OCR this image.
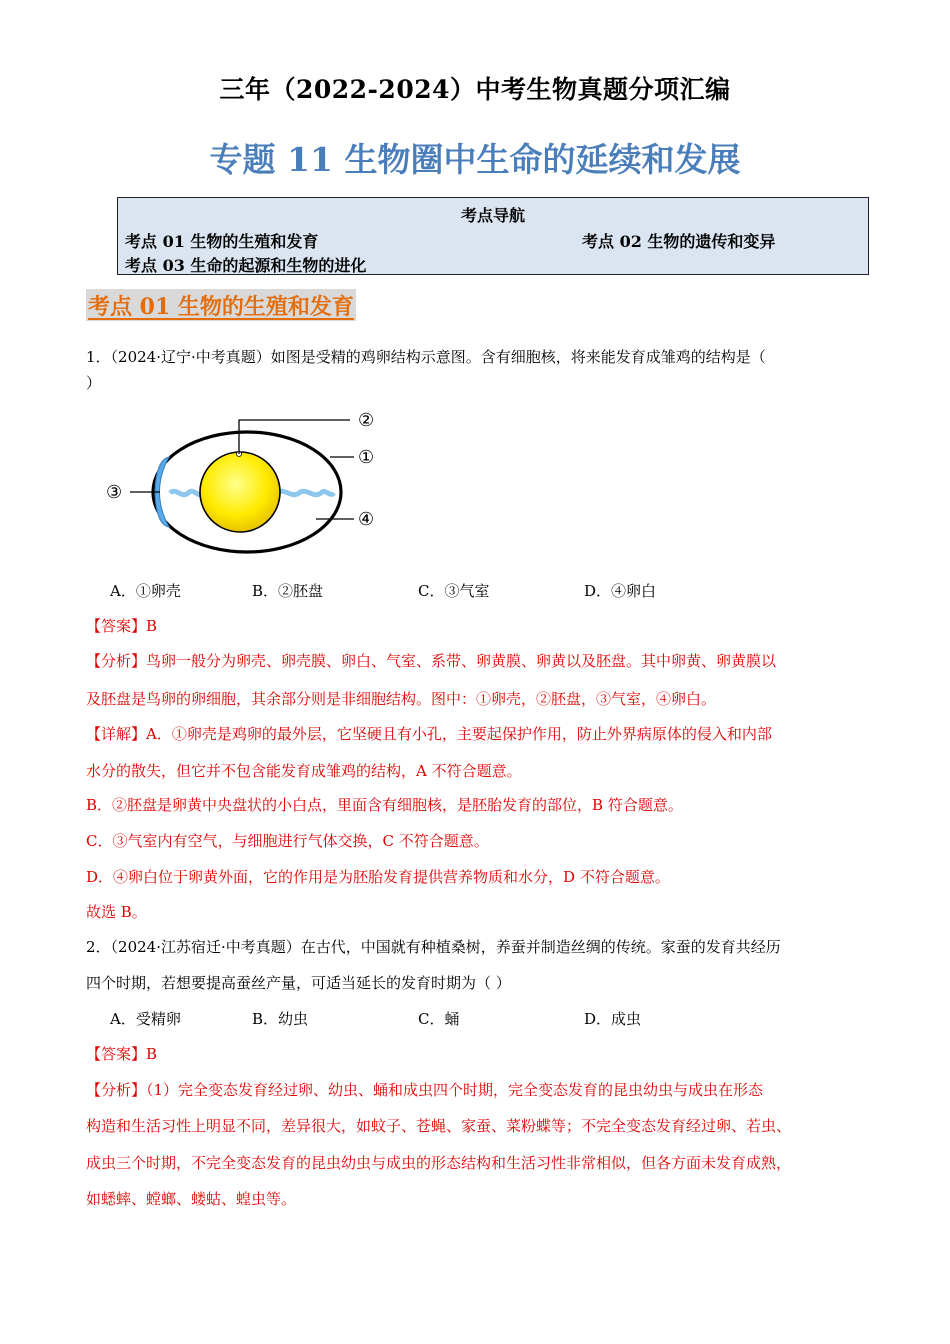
三年（2022-2024）中考生物真题分项汇编
专题 11 生物圈中生命的延续和发展
考点导航
考点 01 生物的生殖和发育	考点 02 生物的遗传和变异
考点 03 生命的起源和生物的进化
考点 01 生物的生殖和发育
1．（2024·辽宁·中考真题）如图是受精的鸡卵结构示意图。含有细胞核，将来能发育成雏鸡的结构是（
）
②
①
③
④
A．①卵壳	B．②胚盘	C．③气室	D．④卵白
【答案】B
【分析】鸟卵一般分为卵壳、卵壳膜、卵白、气室、系带、卵黄膜、卵黄以及胚盘。其中卵黄、卵黄膜以
及胚盘是鸟卵的卵细胞，其余部分则是非细胞结构。图中：①卵壳，②胚盘，③气室，④卵白。
【详解】A．①卵壳是鸡卵的最外层，它坚硬且有小孔，主要起保护作用，防止外界病原体的侵入和内部
水分的散失，但它并不包含能发育成雏鸡的结构，A 不符合题意。
B．②胚盘是卵黄中央盘状的小白点，里面含有细胞核，是胚胎发育的部位，B 符合题意。
C．③气室内有空气，与细胞进行气体交换，C 不符合题意。
D．④卵白位于卵黄外面，它的作用是为胚胎发育提供营养物质和水分，D 不符合题意。
故选 B。
2．（2024·江苏宿迁·中考真题）在古代，中国就有种植桑树，养蚕并制造丝绸的传统。家蚕的发育共经历
四个时期，若想要提高蚕丝产量，可适当延长的发育时期为（ ）
A．受精卵	B．幼虫	C．蛹	D．成虫
【答案】B
【分析】（1）完全变态发育经过卵、幼虫、蛹和成虫四个时期，完全变态发育的昆虫幼虫与成虫在形态
构造和生活习性上明显不同，差异很大，如蚊子、苍蝇、家蚕、菜粉蝶等；不完全变态发育经过卵、若虫、
成虫三个时期，不完全变态发育的昆虫幼虫与成虫的形态结构和生活习性非常相似，但各方面未发育成熟，
如蟋蟀、螳螂、蝼蛄、蝗虫等。
